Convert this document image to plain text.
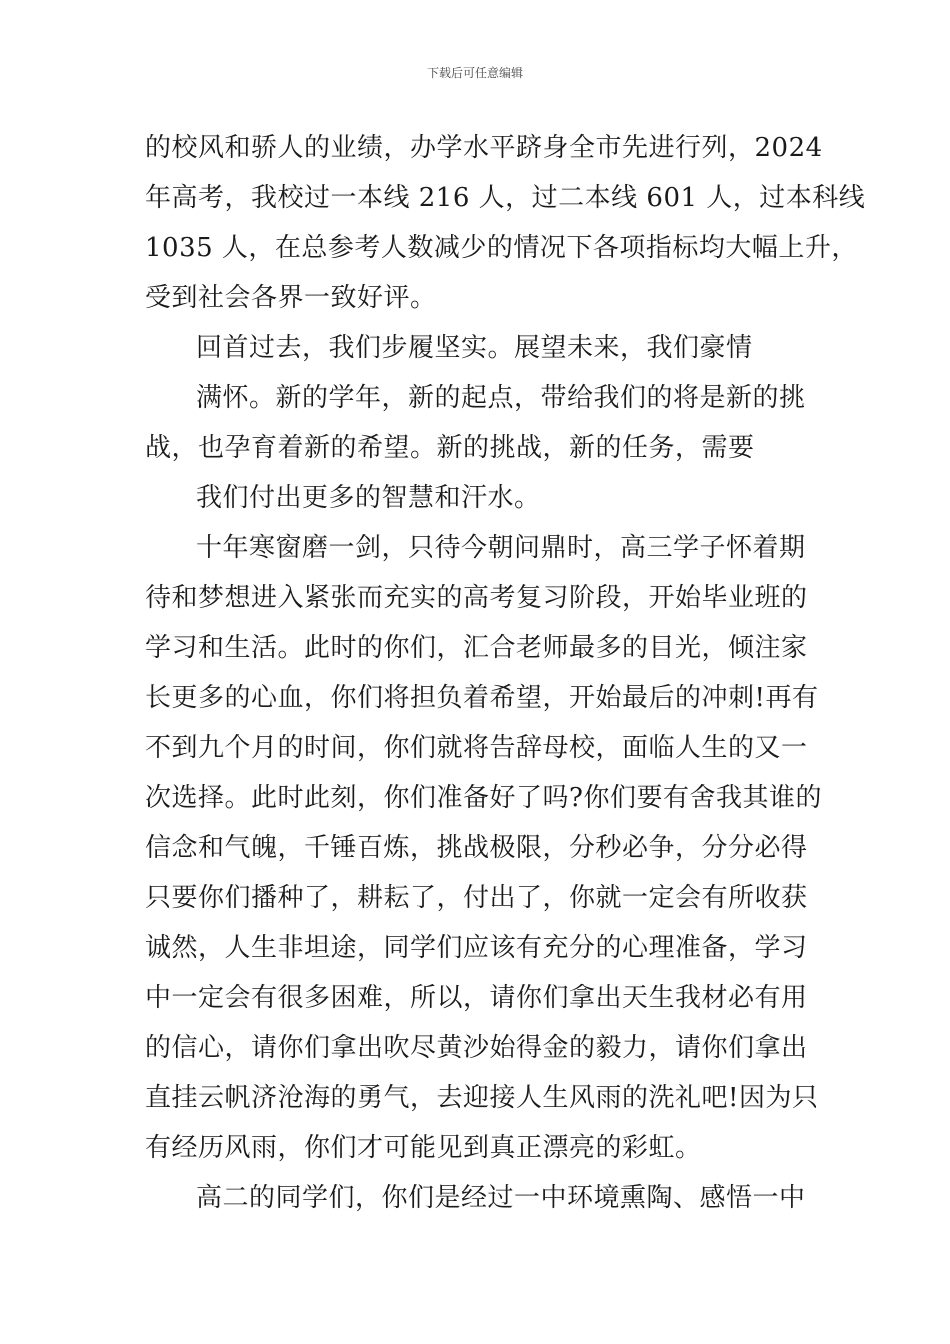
下载后可任意编辑
的校风和骄人的业绩，办学水平跻身全市先进行列，2024
年高考，我校过一本线 216 人，过二本线 601 人，过本科线
1035 人，在总参考人数减少的情况下各项指标均大幅上升，
受到社会各界一致好评。
回首过去，我们步履坚实。展望未来，我们豪情
满怀。新的学年，新的起点，带给我们的将是新的挑
战，也孕育着新的希望。新的挑战，新的任务，需要
我们付出更多的智慧和汗水。
十年寒窗磨一剑，只待今朝问鼎时，高三学子怀着期
待和梦想进入紧张而充实的高考复习阶段，开始毕业班的
学习和生活。此时的你们，汇合老师最多的目光，倾注家
长更多的心血，你们将担负着希望，开始最后的冲刺!再有
不到九个月的时间，你们就将告辞母校，面临人生的又一
次选择。此时此刻，你们准备好了吗?你们要有舍我其谁的
信念和气魄，千锤百炼，挑战极限，分秒必争，分分必得
只要你们播种了，耕耘了，付出了，你就一定会有所收获
诚然，人生非坦途，同学们应该有充分的心理准备，学习
中一定会有很多困难，所以，请你们拿出天生我材必有用
的信心，请你们拿出吹尽黄沙始得金的毅力，请你们拿出
直挂云帆济沧海的勇气，去迎接人生风雨的洗礼吧!因为只
有经历风雨，你们才可能见到真正漂亮的彩虹。
高二的同学们，你们是经过一中环境熏陶、感悟一中
